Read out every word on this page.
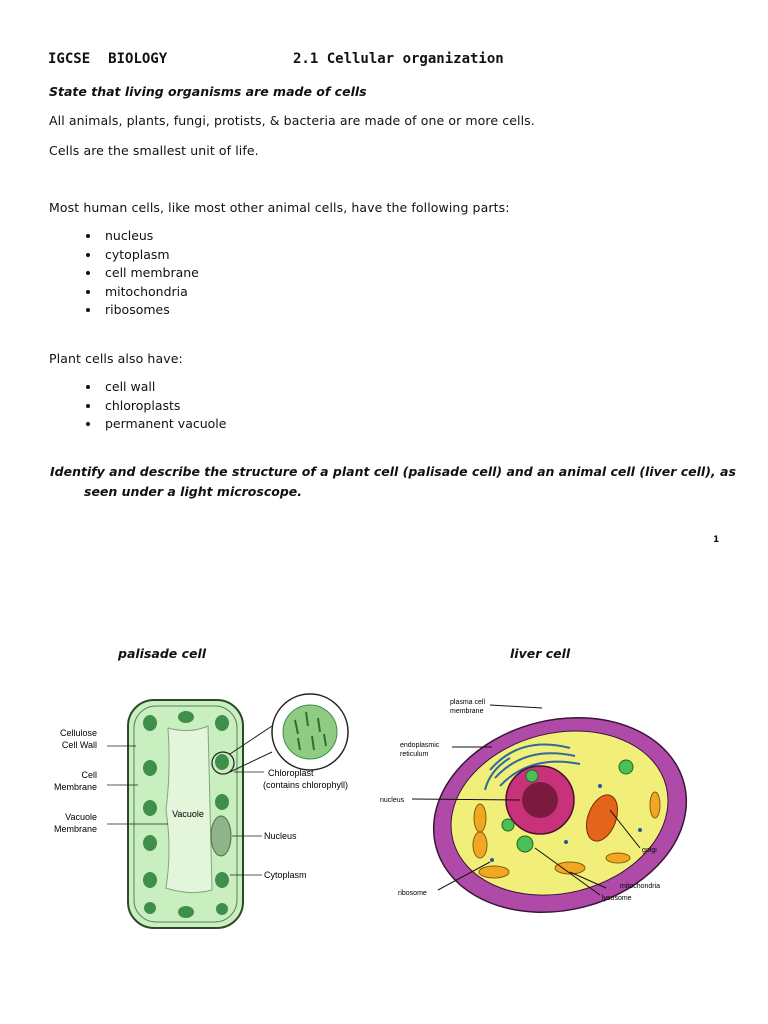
IGCSE BIOLOGY	2.1 Cellular organization
State that living organisms are made of cells
All animals, plants, fungi, protists, & bacteria are made of one or more cells.
Cells are the smallest unit of life.
Most human cells, like most other animal cells, have the following parts:
• nucleus
• cytoplasm
• cell membrane
• mitochondria
• ribosomes
Plant cells also have:
• cell wall
• chloroplasts
• permanent vacuole
Identify and describe the structure of a plant cell (palisade cell) and an animal cell (liver cell), as
seen under a light microscope.
1
palisade cell	liver cell
Cellulose
Cell Wall
Cell
Membrane
Vacuole
Membrane
Vacuole
Chloroplast
(contains chlorophyll)
Nucleus
Cytoplasm
plasma cell
membrane
endoplasmic
reticulum
nucleus
golgi
mitochondria
lysosome
ribosome
